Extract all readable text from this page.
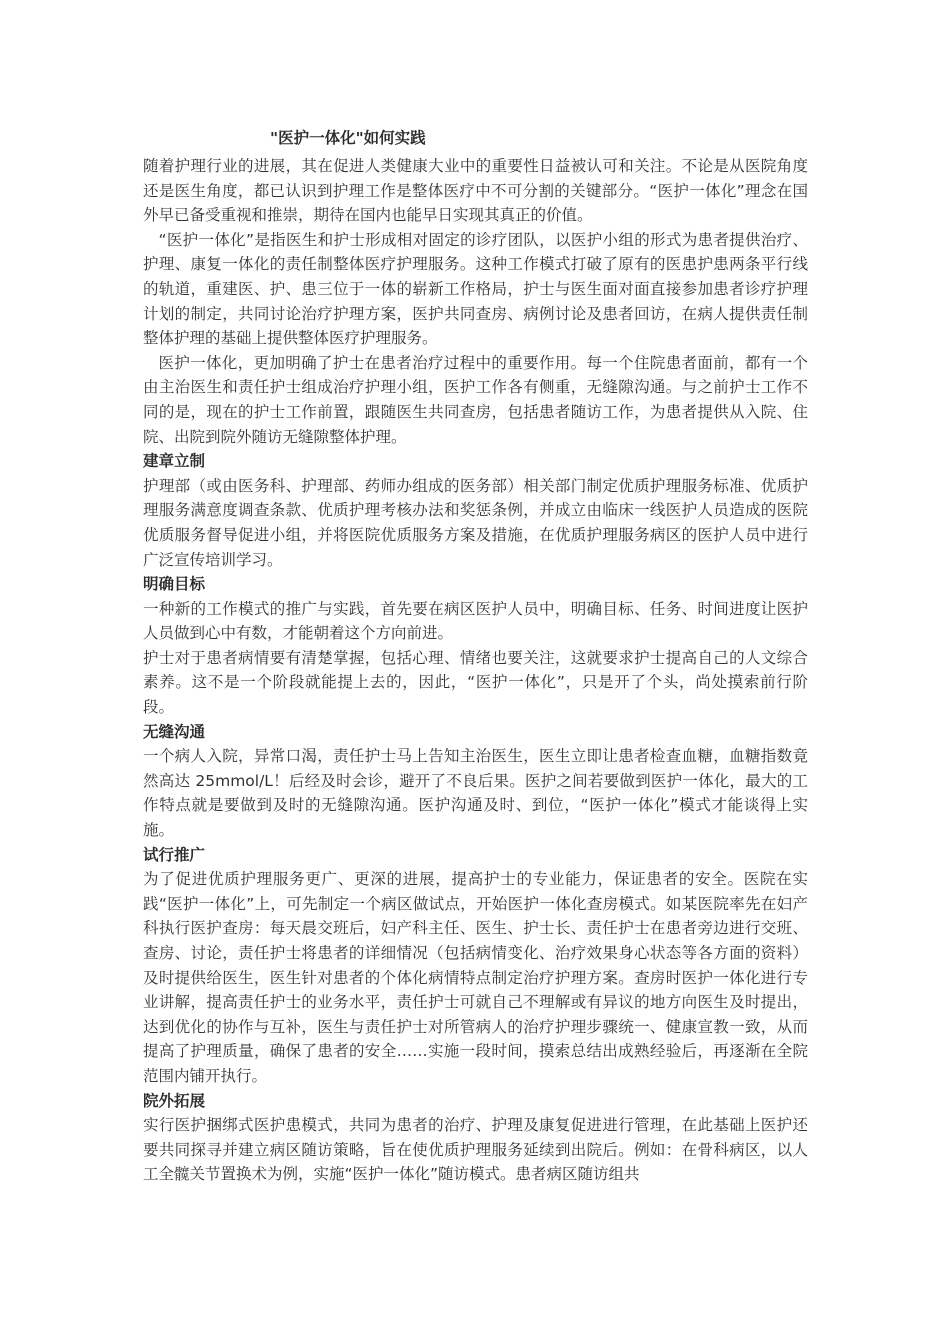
"医护一体化"如何实践

随着护理行业的进展，其在促进人类健康大业中的重要性日益被认可和关注。不论是从医院角度还是医生角度，都已认识到护理工作是整体医疗中不可分割的关键部分。“医护一体化”理念在国外早已备受重视和推崇，期待在国内也能早日实现其真正的价值。

“医护一体化”是指医生和护士形成相对固定的诊疗团队，以医护小组的形式为患者提供治疗、护理、康复一体化的责任制整体医疗护理服务。这种工作模式打破了原有的医患护患两条平行线的轨道，重建医、护、患三位于一体的崭新工作格局，护士与医生面对面直接参加患者诊疗护理计划的制定，共同讨论治疗护理方案，医护共同查房、病例讨论及患者回访，在病人提供责任制整体护理的基础上提供整体医疗护理服务。

医护一体化，更加明确了护士在患者治疗过程中的重要作用。每一个住院患者面前，都有一个由主治医生和责任护士组成治疗护理小组，医护工作各有侧重，无缝隙沟通。与之前护士工作不同的是，现在的护士工作前置，跟随医生共同查房，包括患者随访工作，为患者提供从入院、住院、出院到院外随访无缝隙整体护理。

建章立制

护理部（或由医务科、护理部、药师办组成的医务部）相关部门制定优质护理服务标准、优质护理服务满意度调查条款、优质护理考核办法和奖惩条例，并成立由临床一线医护人员造成的医院优质服务督导促进小组，并将医院优质服务方案及措施，在优质护理服务病区的医护人员中进行广泛宣传培训学习。

明确目标

一种新的工作模式的推广与实践，首先要在病区医护人员中，明确目标、任务、时间进度让医护人员做到心中有数，才能朝着这个方向前进。

护士对于患者病情要有清楚掌握，包括心理、情绪也要关注，这就要求护士提高自己的人文综合素养。这不是一个阶段就能提上去的，因此，“医护一体化”，只是开了个头，尚处摸索前行阶段。

无缝沟通

一个病人入院，异常口渴，责任护士马上告知主治医生，医生立即让患者检查血糖，血糖指数竟然高达 25mmol/L！后经及时会诊，避开了不良后果。医护之间若要做到医护一体化，最大的工作特点就是要做到及时的无缝隙沟通。医护沟通及时、到位，“医护一体化”模式才能谈得上实施。

试行推广

为了促进优质护理服务更广、更深的进展，提高护士的专业能力，保证患者的安全。医院在实践“医护一体化”上，可先制定一个病区做试点，开始医护一体化查房模式。如某医院率先在妇产科执行医护查房：每天晨交班后，妇产科主任、医生、护士长、责任护士在患者旁边进行交班、查房、讨论，责任护士将患者的详细情况（包括病情变化、治疗效果身心状态等各方面的资料）及时提供给医生，医生针对患者的个体化病情特点制定治疗护理方案。查房时医护一体化进行专业讲解，提高责任护士的业务水平，责任护士可就自己不理解或有异议的地方向医生及时提出，达到优化的协作与互补，医生与责任护士对所管病人的治疗护理步骤统一、健康宣教一致，从而提高了护理质量，确保了患者的安全……实施一段时间，摸索总结出成熟经验后，再逐渐在全院范围内铺开执行。

院外拓展

实行医护捆绑式医护患模式，共同为患者的治疗、护理及康复促进进行管理，在此基础上医护还要共同探寻并建立病区随访策略，旨在使优质护理服务延续到出院后。例如：在骨科病区，以人工全髋关节置换术为例，实施“医护一体化”随访模式。患者病区随访组共
